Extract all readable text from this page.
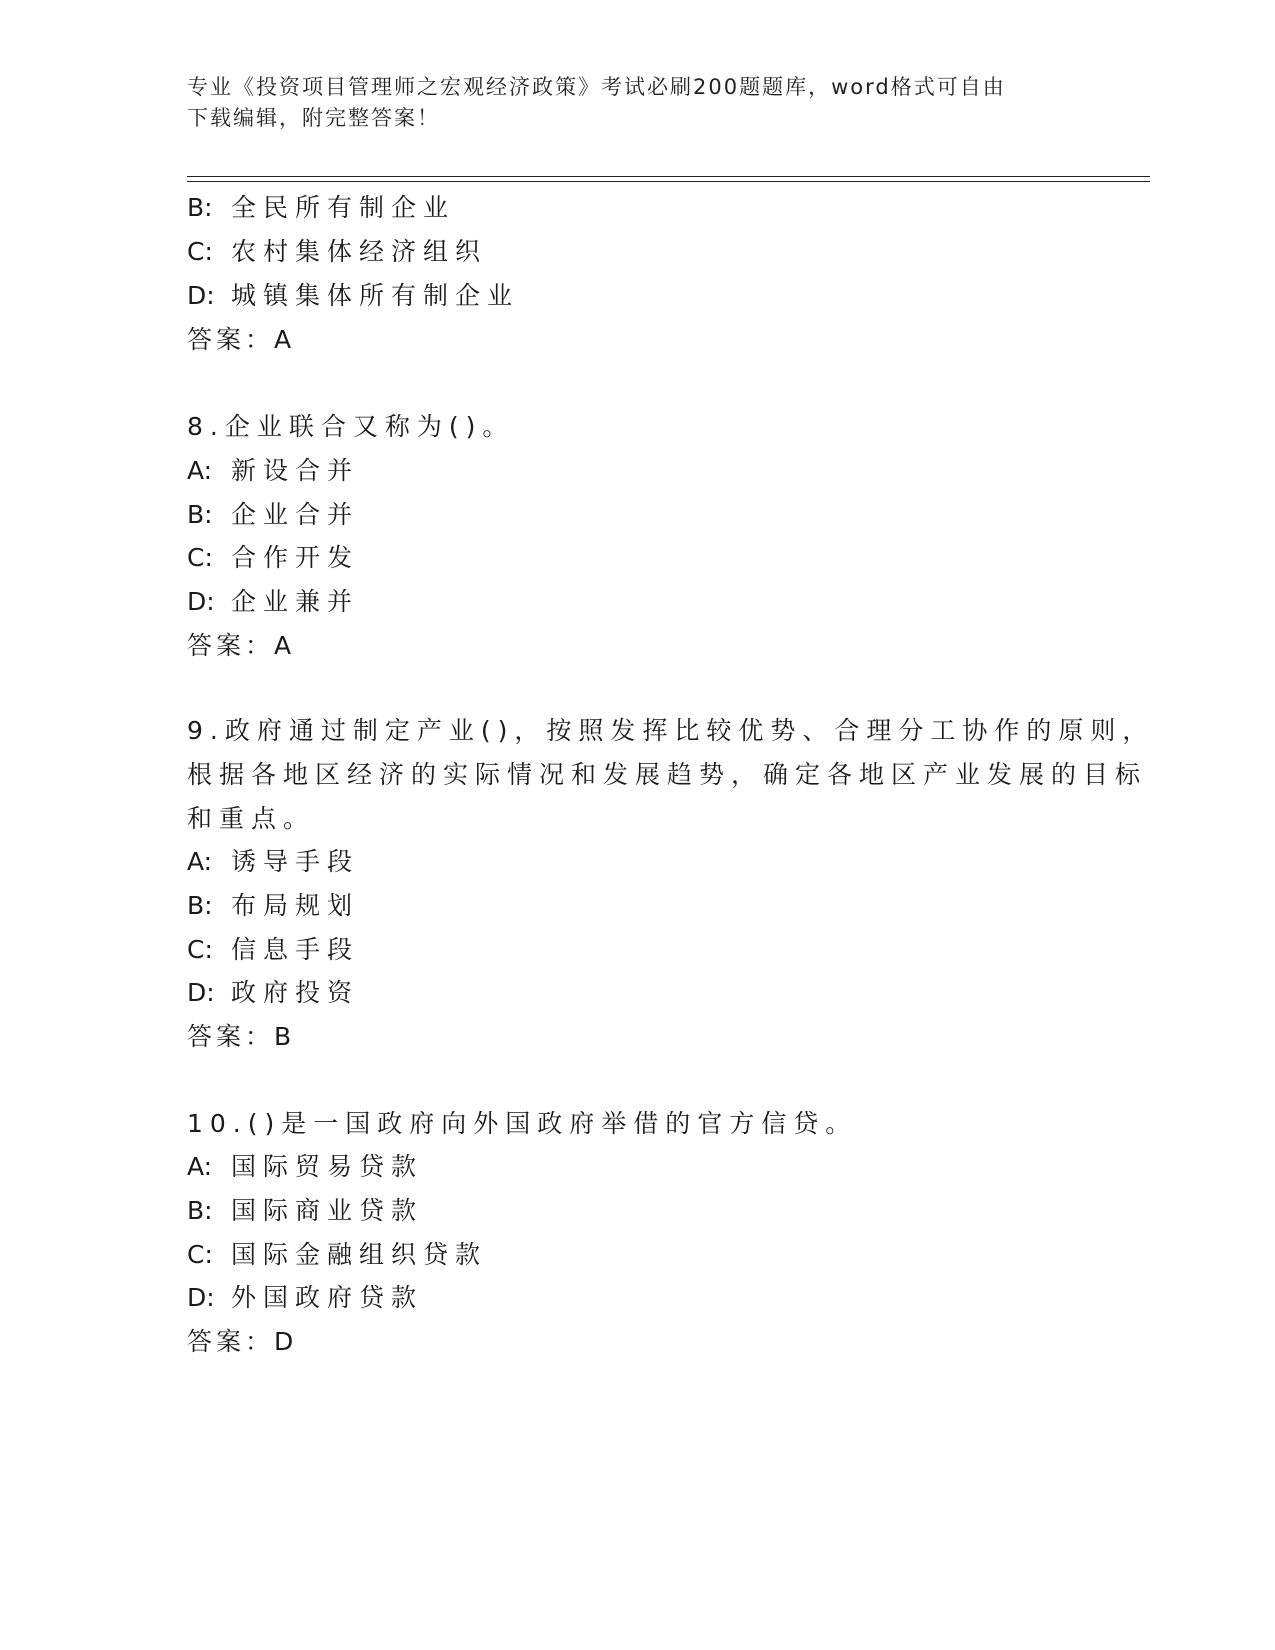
专业《投资项目管理师之宏观经济政策》考试必刷200题题库，word格式可自由
下载编辑，附完整答案！
B: 全民所有制企业
C: 农村集体经济组织
D: 城镇集体所有制企业
答案：A
8.企业联合又称为()。
A: 新设合并
B: 企业合并
C: 合作开发
D: 企业兼并
答案：A
9.政府通过制定产业()，按照发挥比较优势、合理分工协作的原则，
根据各地区经济的实际情况和发展趋势，确定各地区产业发展的目标
和重点。
A: 诱导手段
B: 布局规划
C: 信息手段
D: 政府投资
答案：B
10.()是一国政府向外国政府举借的官方信贷。
A: 国际贸易贷款
B: 国际商业贷款
C: 国际金融组织贷款
D: 外国政府贷款
答案：D
